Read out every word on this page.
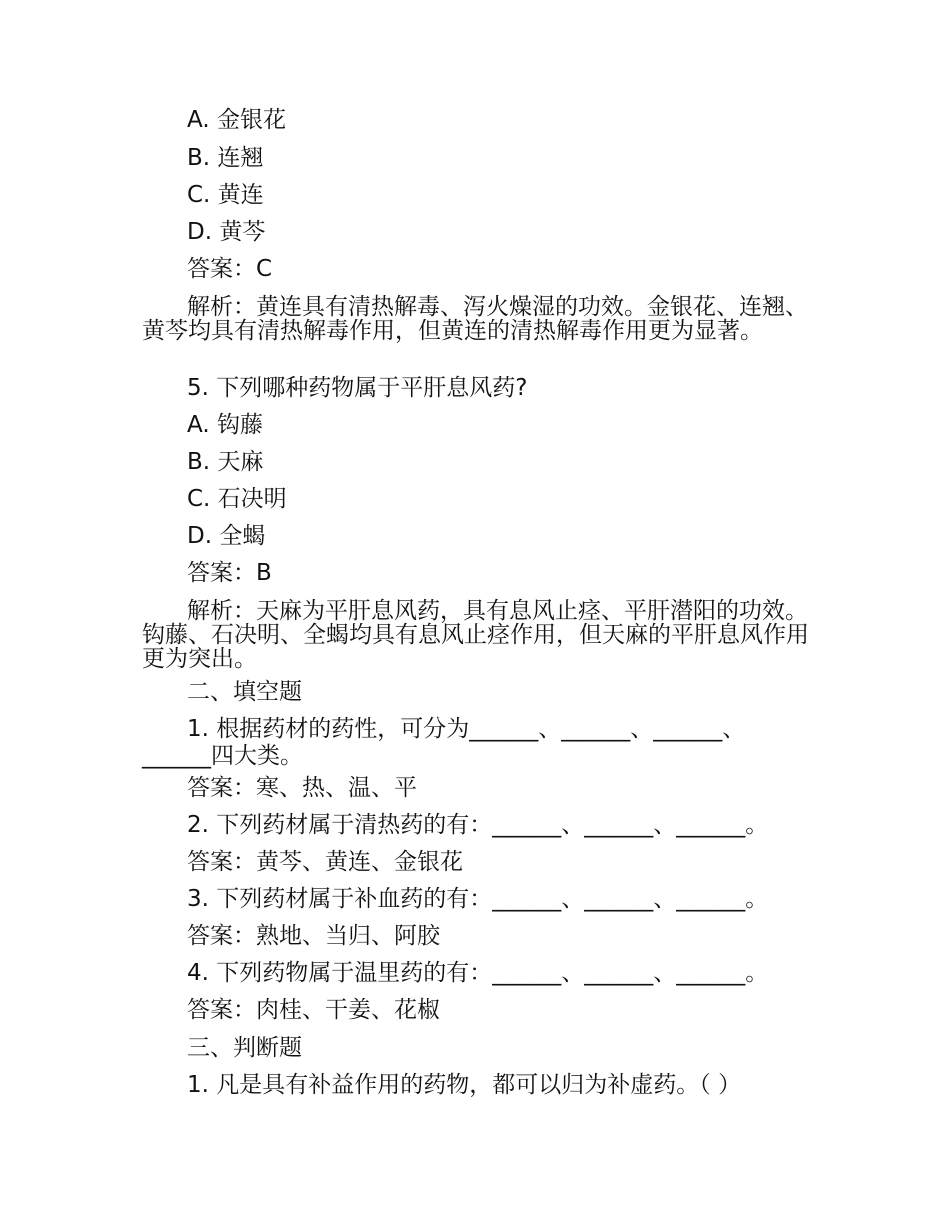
A. 金银花
B. 连翘
C. 黄连
D. 黄芩
答案：C
解析：黄连具有清热解毒、泻火燥湿的功效。金银花、连翘、黄芩均具有清热解毒作用，但黄连的清热解毒作用更为显著。
5. 下列哪种药物属于平肝息风药?
A. 钩藤
B. 天麻
C. 石决明
D. 全蝎
答案：B
解析：天麻为平肝息风药，具有息风止痉、平肝潜阳的功效。钩藤、石决明、全蝎均具有息风止痉作用，但天麻的平肝息风作用更为突出。
二、填空题
1. 根据药材的药性，可分为______、______、______、______四大类。
答案：寒、热、温、平
2. 下列药材属于清热药的有：______、______、______。
答案：黄芩、黄连、金银花
3. 下列药材属于补血药的有：______、______、______。
答案：熟地、当归、阿胶
4. 下列药物属于温里药的有：______、______、______。
答案：肉桂、干姜、花椒
三、判断题
1. 凡是具有补益作用的药物，都可以归为补虚药。（ ）
